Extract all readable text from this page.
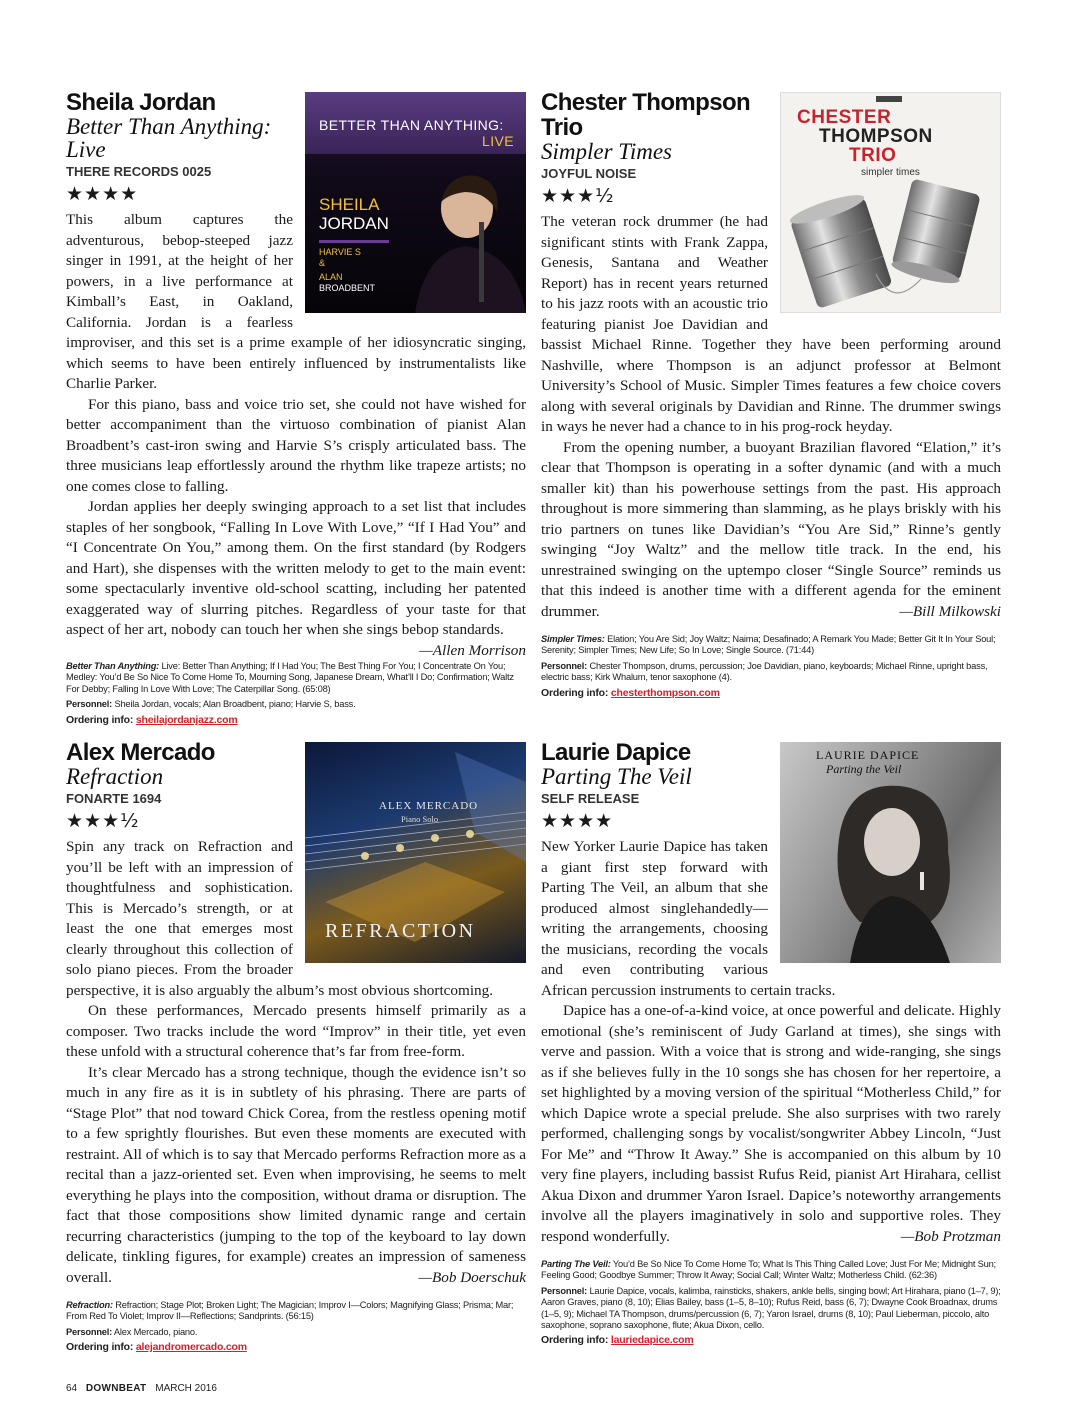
BETTER THAN ANYTHING:
LIVE
SHEILA
JORDAN
HARVIE S
&
ALAN
BROADBENT
Sheila Jordan
Better Than Anything: Live
THERE RECORDS 0025
★★★★

This album captures the adventurous, bebop-steeped jazz singer in 1991, at the height of her powers, in a live performance at Kimball’s East, in Oakland, California. Jordan is a fearless improviser, and this set is a prime example of her idiosyncratic singing, which seems to have been entirely influenced by instrumentalists like Charlie Parker.

For this piano, bass and voice trio set, she could not have wished for better accompaniment than the virtuoso combination of pianist Alan Broadbent’s cast-iron swing and Harvie S’s crisply articulated bass. The three musicians leap effortlessly around the rhythm like trapeze artists; no one comes close to falling.

Jordan applies her deeply swinging approach to a set list that includes staples of her songbook, “Falling In Love With Love,” “If I Had You” and “I Concentrate On You,” among them. On the first standard (by Rodgers and Hart), she dispenses with the written melody to get to the main event: some spectacularly inventive old-school scatting, including her patented exaggerated way of slurring pitches. Regardless of your taste for that aspect of her art, nobody can touch her when she sings bebop standards.
—Allen Morrison

Better Than Anything: Live: Better Than Anything; If I Had You; The Best Thing For You; I Concentrate On You; Medley: You’d Be So Nice To Come Home To, Mourning Song, Japanese Dream, What’ll I Do; Confirmation; Waltz For Debby; Falling In Love With Love; The Caterpillar Song. (65:08)
Personnel: Sheila Jordan, vocals; Alan Broadbent, piano; Harvie S, bass.
Ordering info: sheilajordanjazz.com
CHESTER
THOMPSON
TRIO
simpler times
Chester Thompson Trio
Simpler Times
JOYFUL NOISE
★★★½

The veteran rock drummer (he had significant stints with Frank Zappa, Genesis, Santana and Weather Report) has in recent years returned to his jazz roots with an acoustic trio featuring pianist Joe Davidian and bassist Michael Rinne. Together they have been performing around Nashville, where Thompson is an adjunct professor at Belmont University’s School of Music. Simpler Times features a few choice covers along with several originals by Davidian and Rinne. The drummer swings in ways he never had a chance to in his prog-rock heyday.

From the opening number, a buoyant Brazilian flavored “Elation,” it’s clear that Thompson is operating in a softer dynamic (and with a much smaller kit) than his powerhouse settings from the past. His approach throughout is more simmering than slamming, as he plays briskly with his trio partners on tunes like Davidian’s “You Are Sid,” Rinne’s gently swinging “Joy Waltz” and the mellow title track. In the end, his unrestrained swinging on the uptempo closer “Single Source” reminds us that this indeed is another time with a different agenda for the eminent drummer.	—Bill Milkowski

Simpler Times: Elation; You Are Sid; Joy Waltz; Naima; Desafinado; A Remark You Made; Better Git It In Your Soul; Serenity; Simpler Times; New Life; So In Love; Single Source. (71:44)
Personnel: Chester Thompson, drums, percussion; Joe Davidian, piano, keyboards; Michael Rinne, upright bass, electric bass; Kirk Whalum, tenor saxophone (4).
Ordering info: chesterthompson.com
ALEX MERCADO
Piano Solo
REFRACTION
Alex Mercado
Refraction
FONARTE 1694
★★★½

Spin any track on Refraction and you’ll be left with an impression of thoughtfulness and sophistication. This is Mercado’s strength, or at least the one that emerges most clearly throughout this collection of solo piano pieces. From the broader perspective, it is also arguably the album’s most obvious shortcoming.

On these performances, Mercado presents himself primarily as a composer. Two tracks include the word “Improv” in their title, yet even these unfold with a structural coherence that’s far from free-form.

It’s clear Mercado has a strong technique, though the evidence isn’t so much in any fire as it is in subtlety of his phrasing. There are parts of “Stage Plot” that nod toward Chick Corea, from the restless opening motif to a few sprightly flourishes. But even these moments are executed with restraint. All of which is to say that Mercado performs Refraction more as a recital than a jazz-oriented set. Even when improvising, he seems to melt everything he plays into the composition, without drama or disruption. The fact that those compositions show limited dynamic range and certain recurring characteristics (jumping to the top of the keyboard to lay down delicate, tinkling figures, for example) creates an impression of sameness overall.	—Bob Doerschuk

Refraction: Refraction; Stage Plot; Broken Light; The Magician; Improv I—Colors; Magnifying Glass; Prisma; Mar; From Red To Violet; Improv II—Reflections; Sandprints. (56:15)
Personnel: Alex Mercado, piano.
Ordering info: alejandromercado.com
LAURIE DAPICE
Parting the Veil
Laurie Dapice
Parting The Veil
SELF RELEASE
★★★★

New Yorker Laurie Dapice has taken a giant first step forward with Parting The Veil, an album that she produced almost singlehandedly—writing the arrangements, choosing the musicians, recording the vocals and even contributing various African percussion instruments to certain tracks.

Dapice has a one-of-a-kind voice, at once powerful and delicate. Highly emotional (she’s reminiscent of Judy Garland at times), she sings with verve and passion. With a voice that is strong and wide-ranging, she sings as if she believes fully in the 10 songs she has chosen for her repertoire, a set highlighted by a moving version of the spiritual “Motherless Child,” for which Dapice wrote a special prelude. She also surprises with two rarely performed, challenging songs by vocalist/songwriter Abbey Lincoln, “Just For Me” and “Throw It Away.” She is accompanied on this album by 10 very fine players, including bassist Rufus Reid, pianist Art Hirahara, cellist Akua Dixon and drummer Yaron Israel. Dapice’s noteworthy arrangements involve all the players imaginatively in solo and supportive roles. They respond wonderfully.	—Bob Protzman

Parting The Veil: You’d Be So Nice To Come Home To; What Is This Thing Called Love; Just For Me; Midnight Sun; Feeling Good; Goodbye Summer; Throw It Away; Social Call; Winter Waltz; Motherless Child. (62:36)
Personnel: Laurie Dapice, vocals, kalimba, rainsticks, shakers, ankle bells, singing bowl; Art Hirahara, piano (1–7, 9); Aaron Graves, piano (8, 10); Elias Bailey, bass (1–5, 8–10); Rufus Reid, bass (6, 7); Dwayne Cook Broadnax, drums (1–5, 9); Michael TA Thompson, drums/percussion (6, 7); Yaron Israel, drums (8, 10); Paul Lieberman, piccolo, alto saxophone, soprano saxophone, flute; Akua Dixon, cello.
Ordering info: lauriedapice.com
64 DOWNBEAT MARCH 2016
